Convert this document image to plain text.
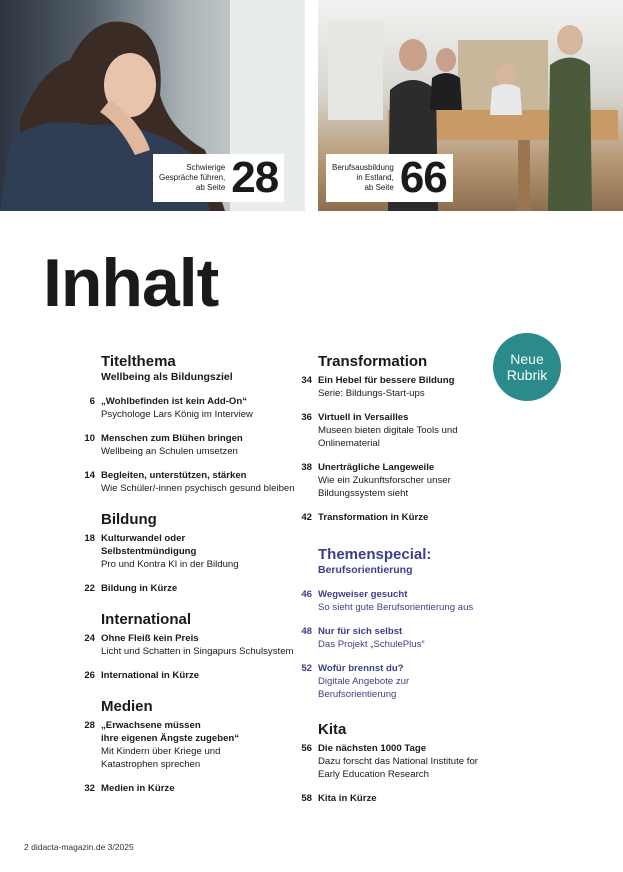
Schwierige
Gespräche führen,
ab Seite 28	Berufsausbildung
in Estland,
ab Seite 66
Inhalt
Neue
Rubrik
Titelthema
Wellbeing als Bildungsziel
6 „Wohlbefinden ist kein Add-On“
Psychologe Lars König im Interview
10 Menschen zum Blühen bringen
Wellbeing an Schulen umsetzen
14 Begleiten, unterstützen, stärken
Wie Schüler/-innen psychisch gesund bleiben
Bildung
18 Kulturwandel oder
Selbstentmündigung
Pro und Kontra KI in der Bildung
22 Bildung in Kürze
International
24 Ohne Fleiß kein Preis
Licht und Schatten in Singapurs Schulsystem
26 International in Kürze
Medien
28 „Erwachsene müssen
ihre eigenen Ängste zugeben“
Mit Kindern über Kriege und
Katastrophen sprechen
32 Medien in Kürze
Transformation
34 Ein Hebel für bessere Bildung
Serie: Bildungs-Start-ups
36 Virtuell in Versailles
Museen bieten digitale Tools und
Onlinematerial
38 Unerträgliche Langeweile
Wie ein Zukunftsforscher unser
Bildungssystem sieht
42 Transformation in Kürze
Themenspecial:
Berufsorientierung
46 Wegweiser gesucht
So sieht gute Berufsorientierung aus
48 Nur für sich selbst
Das Projekt „SchulePlus“
52 Wofür brennst du?
Digitale Angebote zur
Berufsorientierung
Kita
56 Die nächsten 1000 Tage
Dazu forscht das National Institute for
Early Education Research
58 Kita in Kürze
2 didacta-magazin.de 3/2025
